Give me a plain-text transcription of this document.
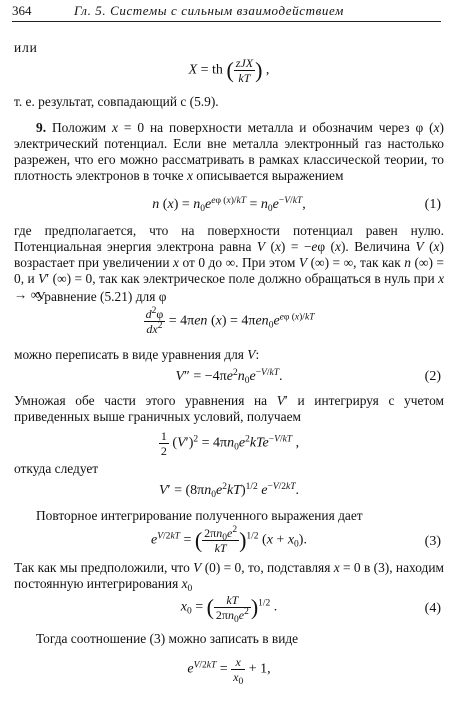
364	Гл. 5. Системы с сильным взаимодействием
или
X = th ( $\frac{\text{zJX}}{kT}$ ) ,
т. е. результат, совпадающий с (5.9).
9. Положим x = 0 на поверхности металла и обозначим через φ (x) электрический потенциал. Если вне металла электронный газ настолько разрежен, что его можно рассматривать в рамках классической теории, то плотность электронов в точке x описывается выражением
n $(x) = n_0e^{e\varphi (x)/kT} = n_0e^{-V/kT}$,	(1)
где предполагается, что на поверхности потенциал равен нулю. Потенциальная энергия электрона равна V (x) = −eφ (x). Величина V (x) возрастает при увеличении x от 0 до ∞. При этом V (∞) = ∞, так как n (∞) = 0, и V′ (∞) = 0, так как электрическое поле должно обращаться в нуль при x → ∞.
Уравнение (5.21) для φ
$\frac{d^2\varphi}{dx^2} = 4\pi en$ $(x) = 4\pi en_0e^{e\varphi (x)/kT}$
можно переписать в виде уравнения для V:
$V'' = -4\pi e^2n_0e^{-V/kT}$.	(2)
Умножая обе части этого уравнения на V′ и интегрируя с учетом приведенных выше граничных условий, получаем
$\frac{1}{2} (V')^2 = 4\pi n_0e^2kTe^{-V/kT}$ ,
откуда следует
$V' = (8\pi n_0e^2kT)^{1/2}$ $e^{-V/2kT}$.
Повторное интегрирование полученного выражения дает
$e^{V/2kT}$ = ( $\frac{2\pi n_0e^2}{kT} )^{1/2}$ $(x + x_0)$.	(3)
Так как мы предположили, что V (0) = 0, то, подставляя x = 0 в (3), находим постоянную интегрирования $x_0$
$x_0$ = ( $\frac{kT}{2\pi n_0e^2} )^{1/2}$ .	(4)
Тогда соотношение (3) можно записать в виде
$e^{V/2kT} = \frac{x}{x_0} + 1$,
